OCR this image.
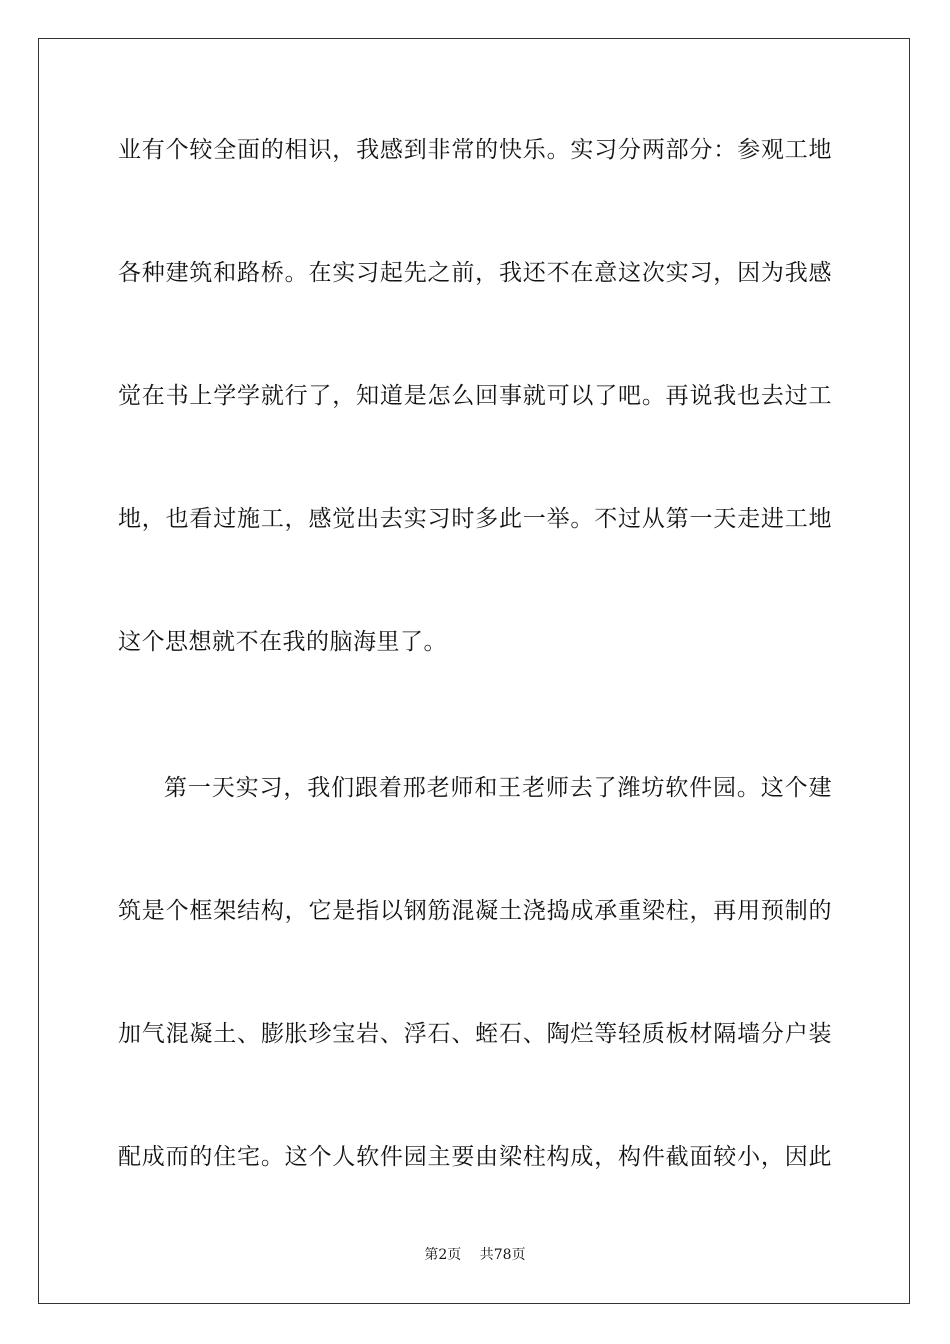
业有个较全面的相识，我感到非常的快乐。实习分两部分：参观工地
各种建筑和路桥。在实习起先之前，我还不在意这次实习，因为我感
觉在书上学学就行了，知道是怎么回事就可以了吧。再说我也去过工
地，也看过施工，感觉出去实习时多此一举。不过从第一天走进工地
这个思想就不在我的脑海里了。
第一天实习，我们跟着邢老师和王老师去了潍坊软件园。这个建
筑是个框架结构，它是指以钢筋混凝土浇捣成承重梁柱，再用预制的
加气混凝土、膨胀珍宝岩、浮石、蛭石、陶烂等轻质板材隔墙分户装
配成而的住宅。这个人软件园主要由梁柱构成，构件截面较小，因此
第2页 共78页
